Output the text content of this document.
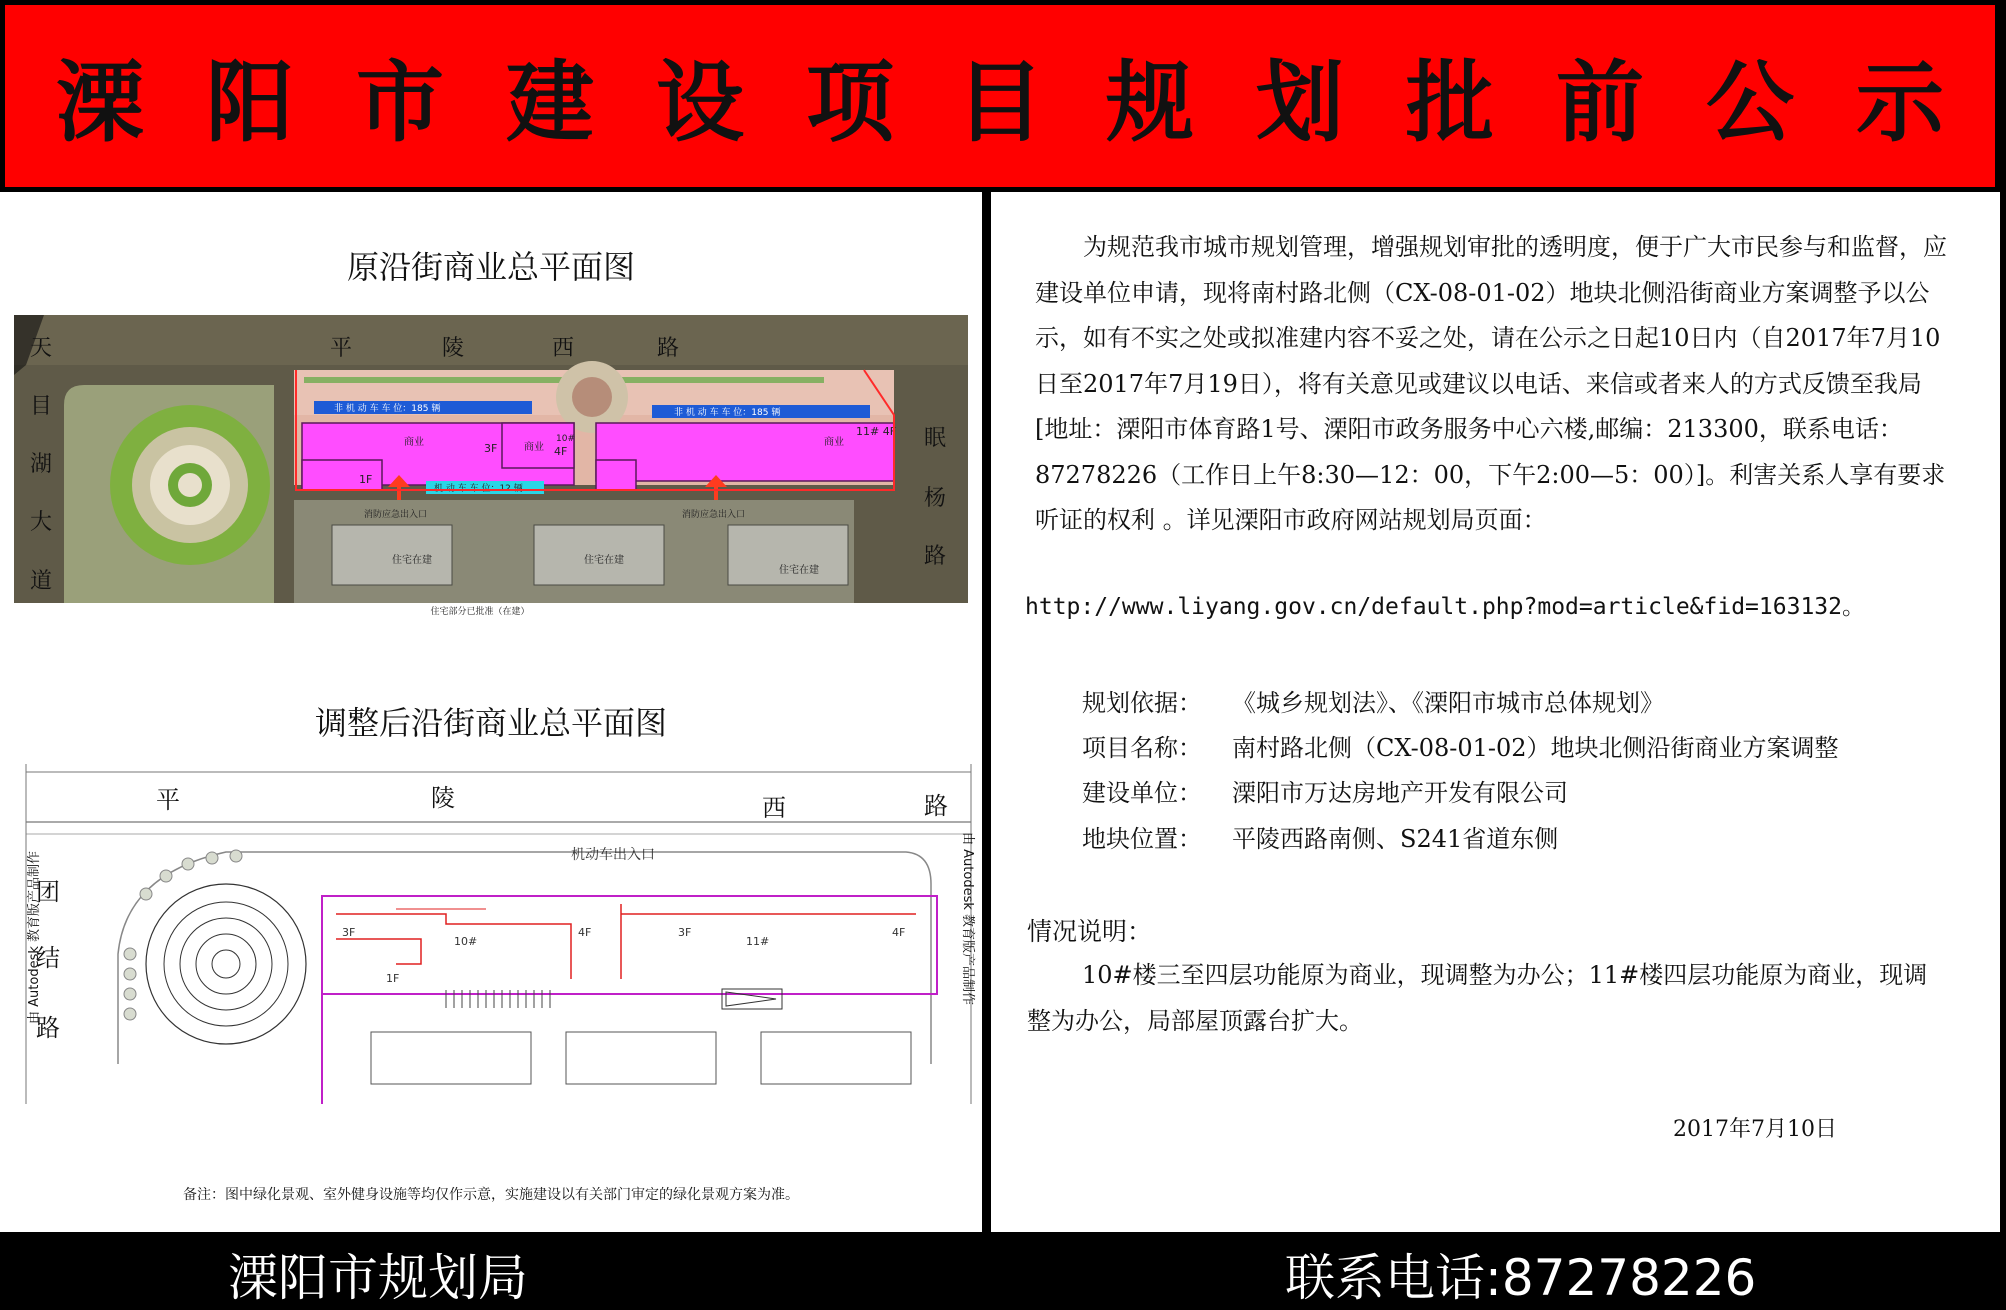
溧阳市建设项目规划批前公示
原沿街商业总平面图
非 机 动 车 车 位：185 辆	非 机 动 车 车 位：185 辆
商业	3F	商业
10#
4F
1F
商业
11# 4F
机 动 车 车 位：12 辆
消防应急出入口	消防应急出入口
住宅在建	住宅在建
住宅在建
平	陵	西	路
天
目
湖
大
道
眠
杨
路
住宅部分已批准（在建）
调整后沿街商业总平面图
3F
10#
4F
1F
3F
11#
4F
机动车出入口
平	陵	西	路
团
结
路
由 Autodesk 教育版产品制作	由 Autodesk 教育版产品制作
备注：图中绿化景观、室外健身设施等均仅作示意，实施建设以有关部门审定的绿化景观方案为准。

为规范我市城市规划管理，增强规划审批的透明度，便于广大市民参与和监督，应建设单位申请，现将南村路北侧（CX-08-01-02）地块北侧沿街商业方案调整予以公示，如有不实之处或拟准建内容不妥之处，请在公示之日起10日内（自2017年7月10日至2017年7月19日），将有关意见或建议以电话、来信或者来人的方式反馈至我局[地址：溧阳市体育路1号、溧阳市政务服务中心六楼,邮编：213300，联系电话：87278226（工作日上午8:30—12：00，下午2:00—5：00）]。利害关系人享有要求听证的权利 。详见溧阳市政府网站规划局页面：

http://www.liyang.gov.cn/default.php?mod=article&fid=163132。
规划依据： 《城乡规划法》、《溧阳市城市总体规划》
项目名称： 南村路北侧（CX-08-01-02）地块北侧沿街商业方案调整
建设单位： 溧阳市万达房地产开发有限公司
地块位置： 平陵西路南侧、S241省道东侧
情况说明：

10#楼三至四层功能原为商业，现调整为办公；11#楼四层功能原为商业，现调整为办公，局部屋顶露台扩大。

2017年7月10日
溧阳市规划局	联系电话:87278226
